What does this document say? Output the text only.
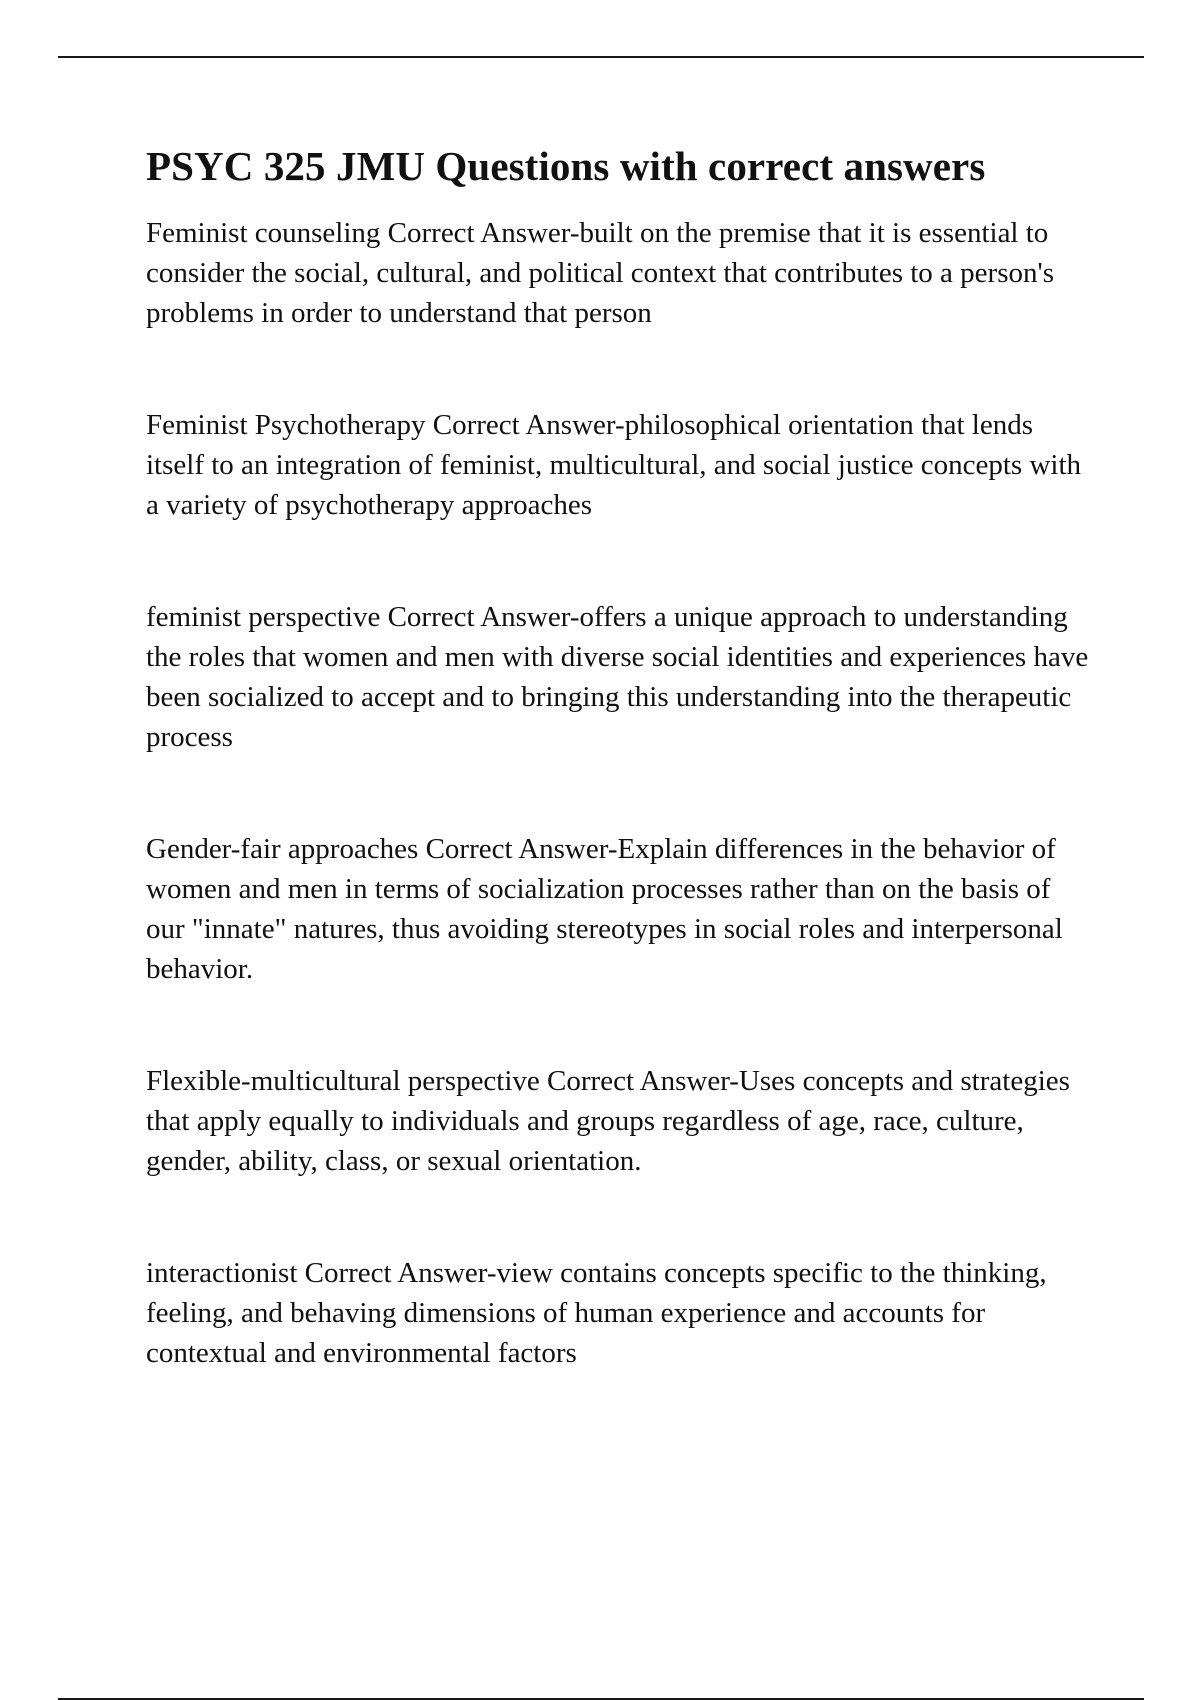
PSYC 325 JMU Questions with correct answers

Feminist counseling Correct Answer-built on the premise that it is essential to consider the social, cultural, and political context that contributes to a person's problems in order to understand that person

Feminist Psychotherapy Correct Answer-philosophical orientation that lends itself to an integration of feminist, multicultural, and social justice concepts with a variety of psychotherapy approaches

feminist perspective Correct Answer-offers a unique approach to understanding the roles that women and men with diverse social identities and experiences have been socialized to accept and to bringing this understanding into the therapeutic process

Gender-fair approaches Correct Answer-Explain differences in the behavior of women and men in terms of socialization processes rather than on the basis of our "innate" natures, thus avoiding stereotypes in social roles and interpersonal behavior.

Flexible-multicultural perspective Correct Answer-Uses concepts and strategies that apply equally to individuals and groups regardless of age, race, culture, gender, ability, class, or sexual orientation.

interactionist Correct Answer-view contains concepts specific to the thinking, feeling, and behaving dimensions of human experience and accounts for contextual and environmental factors
